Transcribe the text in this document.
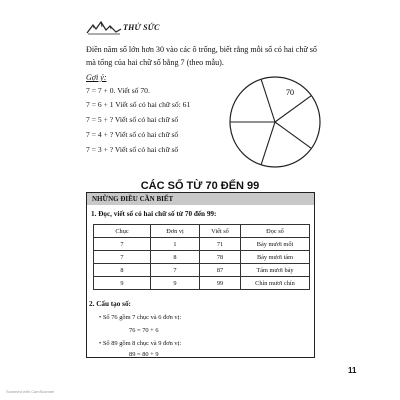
THỬ SỨC
Điền năm số lớn hơn 30 vào các ô trống, biết rằng mỗi số có hai chữ số mà tổng của hai chữ số bằng 7 (theo mẫu).
Gợi ý:
7 = 7 + 0. Viết số 70.
7 = 6 + 1 Viết số có hai chữ số: 61
7 = 5 + ? Viết số có hai chữ số
7 = 4 + ? Viết số có hai chữ số
7 = 3 + ? Viết số có hai chữ số
70
CÁC SỐ TỪ 70 ĐẾN 99
NHỮNG ĐIỀU CẦN BIẾT
1. Đọc, viết số có hai chữ số từ 70 đến 99:
Chục	Đơn vị	Viết số	Đọc số
7	1	71	Bảy mươi mốt
7	8	78	Bảy mươi tám
8	7	87	Tám mươi bảy
9	9	99	Chín mươi chín
2. Cấu tạo số:
• Số 76 gồm 7 chục và 6 đơn vị:
76 = 70 + 6
• Số 89 gồm 8 chục và 9 đơn vị:
89 = 80 + 9
11
Scanned with CamScanner
